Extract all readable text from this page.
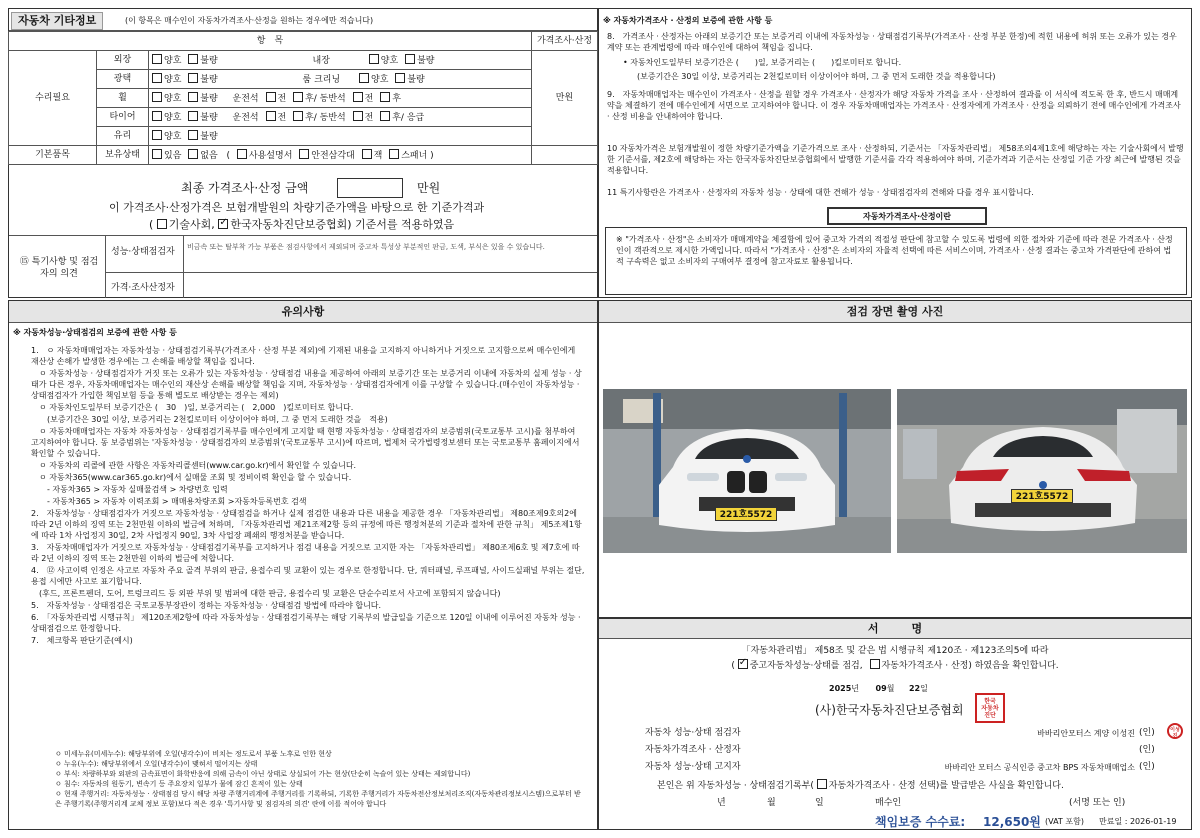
자동차 기타정보	(이 항목은 매수인이 자동차가격조사·산정을 원하는 경우에만 적습니다)
항　목			가격조사·산정
수리필요	외장	양호 불량 내장 양호 불량	만원
	광택	양호 불량 룸 크리닝 양호 불량	
	휠	양호 불량 운전석 전 후/ 동반석 전 후	
	타이어	양호 불량 운전석 전 후/ 동반석 전 후/ 응급	
	유리	양호 불량	
기본품목	보유상태	있음 없음 ( 사용설명서 안전삼각대 잭 스패너 )	
최종 가격조사·산정 금액	만원
이 가격조사·산정가격은 보험개발원의 차량기준가액을 바탕으로 한 기준가격과
( 기술사회, ✓ 한국자동차진단보증협회) 기준서를 적용하였음
⑮ 특기사항 및 점검자의 의견
성능·상태점검자 비금속 또는 탈부착 가능 부품은 점검사항에서 제외되며 중고차 특성상 부분적인 판금, 도색, 부식은 있을 수 있습니다.
가격·조사산정자
※ 자동차가격조사 · 산정의 보증에 관한 사항 등
8.　가격조사 · 산정자는 아래의 보증기간 또는 보증거리 이내에 자동차성능 · 상태점검기록부(가격조사 · 산정 부분 한정)에 적힌 내용에 허위 또는 오류가 있는 경우 계약 또는 관계법령에 따라 매수인에 대하여 책임을 집니다.
• 자동차인도일부터 보증기간은 (　　)일, 보증거리는 (　　)킬로미터로 합니다.
(보증기간은 30일 이상, 보증거리는 2천킬로미터 이상이어야 하며, 그 중 먼저 도래한 것을 적용합니다)
9.　자동차매매업자는 매수인이 가격조사 · 산정을 원할 경우 가격조사 · 산정자가 해당 자동차 가격을 조사 · 산정하여 결과를 이 서식에 적도록 한 후, 반드시 매매계약을 체결하기 전에 매수인에게 서면으로 고지하여야 합니다. 이 경우 자동차매매업자는 가격조사 · 산정자에게 가격조사 · 산정을 의뢰하기 전에 매수인에게 가격조사 · 산정 비용을 안내하여야 합니다.
10 자동차가격은 보험개발원이 정한 차량기준가액을 기준가격으로 조사 · 산정하되, 기준서는 「자동차관리법」 제58조의4제1호에 해당하는 자는 기술사회에서 발행한 기준서를, 제2호에 해당하는 자는 한국자동차진단보증협회에서 발행한 기준서를 각각 적용하여야 하며, 기준가격과 기준서는 산정일 기준 가장 최근에 발행된 것을 적용합니다.
11 특기사항란은 가격조사 · 산정자의 자동차 성능 · 상태에 대한 견해가 성능 · 상태점검자의 견해와 다를 경우 표시합니다.
자동차가격조사·산정이란
※ "가격조사 · 산정"은 소비자가 매매계약을 체결함에 있어 중고차 가격의 적절성 판단에 참고할 수 있도록 법령에 의한 절차와 기준에 따라 전문 가격조사 · 산정인이 객관적으로 제시한 가액입니다. 따라서 "가격조사 · 산정"은 소비자의 자율적 선택에 따른 서비스이며, 가격조사 · 산정 결과는 중고차 가격판단에 관하여 법적 구속력은 없고 소비자의 구매여부 결정에 참고자료로 활용됩니다.
유의사항
※ 자동차성능·상태점검의 보증에 관한 사항 등
1.　ㅇ 자동차매매업자는 자동차성능 · 상태점검기록부(가격조사 · 산정 부분 제외)에 기재된 내용을 고지하지 아니하거나 거짓으로 고지함으로써 매수인에게 재산상 손해가 발생한 경우에는 그 손해를 배상할 책임을 집니다.
　ㅇ 자동차성능 · 상태점검자가 거짓 또는 오류가 있는 자동차성능 · 상태점검 내용을 제공하여 아래의 보증기간 또는 보증거리 이내에 자동차의 실제 성능 · 상태가 다른 경우, 자동차매매업자는 매수인의 재산상 손해를 배상할 책임을 지며, 자동차성능 · 상태점검자에게 이를 구상할 수 있습니다.(매수인이 자동차성능 · 상태점검자가 가입한 책임보험 등을 통해 별도로 배상받는 경우는 제외)
　ㅇ 자동차인도일부터 보증기간은 (　30　)일, 보증거리는 (　2,000　)킬로미터로 합니다.
　　(보증기간은 30일 이상, 보증거리는 2천킬로미터 이상이어야 하며, 그 중 먼저 도래한 것을　적용)
　ㅇ 자동차매매업자는 자동차 자동차성능 · 상태점검기록부를 매수인에게 고지할 때 현행 자동차성능 · 상태점검자의 보증범위(국토교통부 고시)를 첨부하여 고지하여야 합니다. 동 보증범위는 '자동차성능 · 상태점검자의 보증범위'(국토교통부 고시)에 따르며, 법제처 국가법령정보센터 또는 국토교통부 홈페이지에서 확인할 수 있습니다.
　ㅇ 자동차의 리콜에 관한 사항은 자동차리콜센터(www.car.go.kr)에서 확인할 수 있습니다.
　ㅇ 자동차365(www.car365.go.kr)에서 실매물 조회 및 정비이력 확인을 할 수 있습니다.
　　- 자동차365 > 자동차 실매물검색 > 차량번호 입력
　　- 자동차365 > 자동차 이력조회 > 매매용차량조회 >자동차등록번호 검색
2.　자동차성능 · 상태점검자가 거짓으로 자동차성능 · 상태점검을 하거나 실제 점검한 내용과 다른 내용을 제공한 경우 「자동차관리법」 제80조제9호의2에 따라 2년 이하의 징역 또는 2천만원 이하의 벌금에 처하며, 「자동차관리법 제21조제2항 등의 규정에 따른 행정처분의 기준과 절차에 관한 규칙」 제5조제1항에 따라 1차 사업정지 30일, 2차 사업정지 90일, 3차 사업장 폐쇄의 행정처분을 받습니다.
3.　자동차매매업자가 거짓으로 자동차성능 · 상태점검기록부를 고지하거나 점검 내용을 거짓으로 고지한 자는 「자동차관리법」 제80조제6호 및 제7호에 따라 2년 이하의 징역 또는 2천만원 이하의 벌금에 처합니다.
4.　⑫ 사고이력 인정은 사고로 자동차 주요 골격 부위의 판금, 용접수리 및 교환이 있는 경우로 한정합니다. 단, 쿼터패널, 루프패널, 사이드실패널 부위는 절단, 용접 시에만 사고로 표기합니다.
　(후드, 프론트펜더, 도어, 트렁크리드 등 외판 부위 및 범퍼에 대한 판금, 용접수리 및 교환은 단순수리로서 사고에 포함되지 않습니다)
5.　자동차성능 · 상태점검은 국토교통부장관이 정하는 자동차성능 · 상태점검 방법에 따라야 합니다.
6.　「자동차관리법 시행규칙」 제120조제2항에 따라 자동차성능 · 상태점검기록부는 해당 기록부의 발급일을 기준으로 120일 이내에 이루어진 자동차 성능 · 상태점검으로 한정합니다.
7.　체크항목 판단기준(예시)
ㅇ 미세누유(미세누수): 해당부위에 오일(냉각수)이 비치는 정도로서 부품 노후로 인한 현상
ㅇ 누유(누수): 해당부위에서 오일(냉각수)이 맺혀서 떨어지는 상태
ㅇ 부식: 차량하부와 외판의 금속표면이 화학반응에 의해 금속이 아닌 상태로 상실되어 가는 현상(단순히 녹슬어 있는 상태는 제외합니다)
ㅇ 침수: 자동차의 원동기, 변속기 등 주요장치 일부가 물에 잠긴 흔적이 있는 상태
ㅇ 현재 주행거리: 자동차성능 · 상태점검 당시 해당 차량 주행거리계에 주행거리를 기록하되, 기록한 주행거리가 자동차전산정보처리조직(자동차관리정보시스템)으로부터 받은 주행기록(주행거리계 교체 정보 포함)보다 적은 경우 '특기사항 및 점검자의 의견' 란에 이를 적어야 합니다
점검 장면 촬영 사진
221호5572
221호5572
서　　　명
「자동차관리법」 제58조 및 같은 법 시행규칙 제120조 · 제123조의5에 따라
( ✓ 중고자동차성능·상태를 점검, 자동차가격조사 · 산정) 하였음을 확인합니다.
2025년 09월 22일
(사)한국자동차진단보증협회
한국
자동차
진단
자동차 성능·상태 점검자	바바리안모터스 계양 이성진 (인)
자동차가격조사 · 산정자	(인)
자동차 성능·상태 고지자	바바리안 모터스 공식인증 중고차 BPS 자동차매매업소 (인)
이성진
본인은 위 자동차성능 · 상태점검기록부( 자동차가격조사 · 산정 선택)를 발급받은 사실을 확인합니다.
년	월	일	매수인	(서명 또는 인)
책임보증 수수료: 12,650원 (VAT 포함) 만료일 : 2026-01-19
